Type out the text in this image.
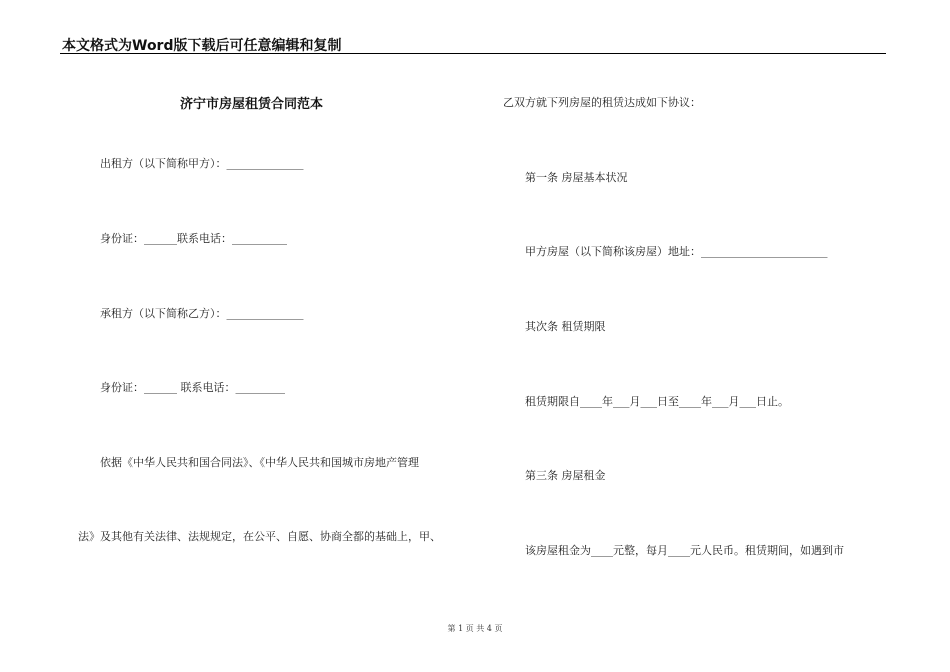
本文格式为Word版下载后可任意编辑和复制
济宁市房屋租赁合同范本
出租方（以下简称甲方）：______________
身份证：______联系电话：__________
承租方（以下简称乙方）：______________
身份证：______ 联系电话：_________
依据《中华人民共和国合同法》、《中华人民共和国城市房地产管理
法》及其他有关法律、法规规定，在公平、自愿、协商全都的基础上，甲、
乙双方就下列房屋的租赁达成如下协议：
第一条 房屋基本状况
甲方房屋（以下简称该房屋）地址：_______________________
其次条 租赁期限
租赁期限自____年___月___日至____年___月___日止。
第三条 房屋租金
该房屋租金为____元整，每月____元人民币。租赁期间，如遇到市
第 1 页 共 4 页
